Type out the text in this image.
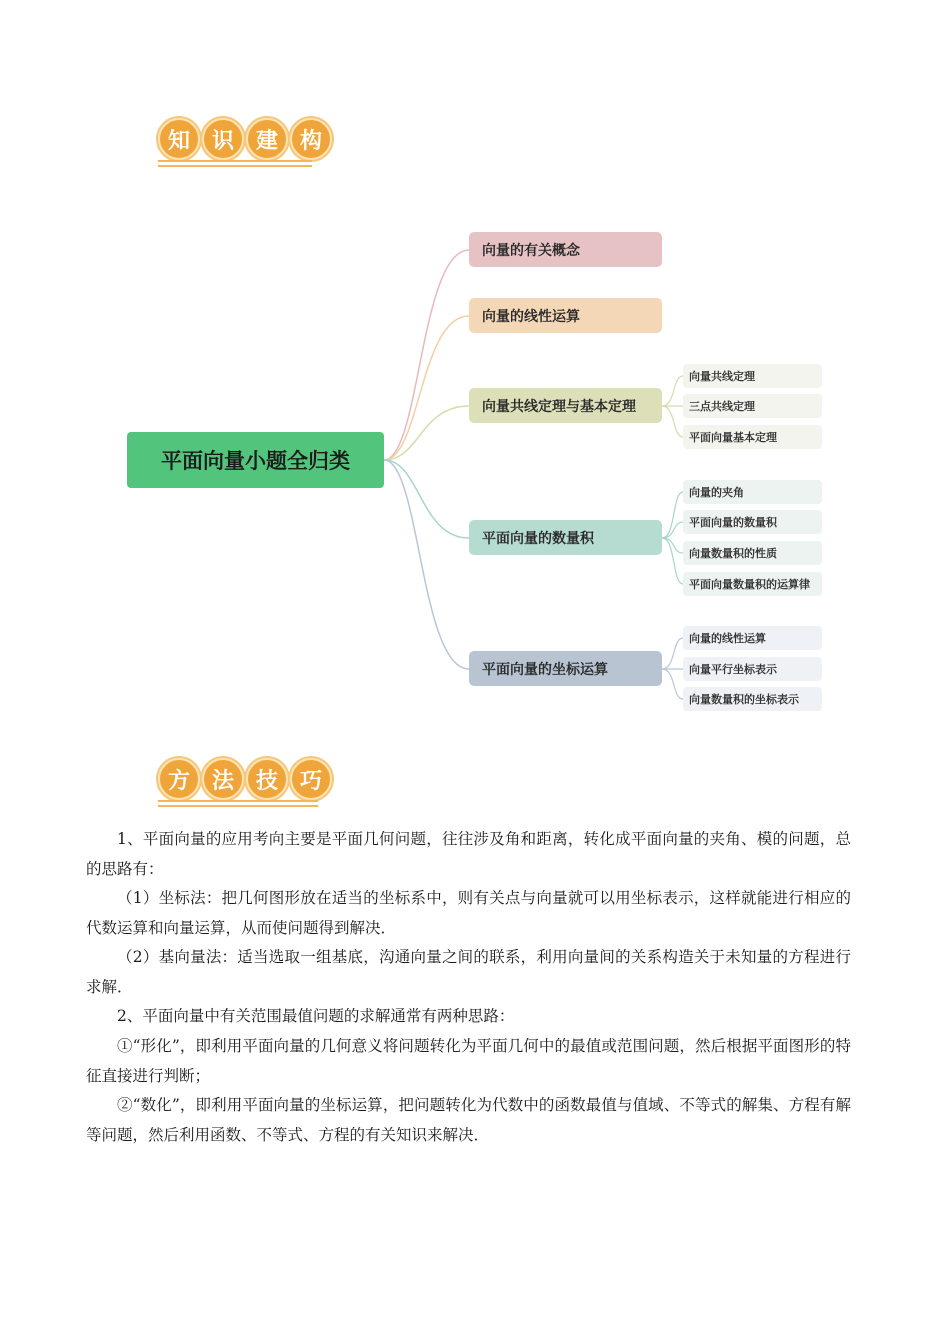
知 识 建 构
平面向量小题全归类
向量的有关概念
向量的线性运算
向量共线定理与基本定理
平面向量的数量积
平面向量的坐标运算
向量共线定理
三点共线定理
平面向量基本定理
向量的夹角
平面向量的数量积
向量数量积的性质
平面向量数量积的运算律
向量的线性运算
向量平行坐标表示
向量数量积的坐标表示
方 法 技 巧

1、平面向量的应用考向主要是平面几何问题，往往涉及角和距离，转化成平面向量的夹角、模的问题，总的思路有：

（1）坐标法：把几何图形放在适当的坐标系中，则有关点与向量就可以用坐标表示，这样就能进行相应的代数运算和向量运算，从而使问题得到解决．

（2）基向量法：适当选取一组基底，沟通向量之间的联系，利用向量间的关系构造关于未知量的方程进行求解．

2、平面向量中有关范围最值问题的求解通常有两种思路：

①“形化”，即利用平面向量的几何意义将问题转化为平面几何中的最值或范围问题，然后根据平面图形的特征直接进行判断；

②“数化”，即利用平面向量的坐标运算，把问题转化为代数中的函数最值与值域、不等式的解集、方程有解等问题，然后利用函数、不等式、方程的有关知识来解决．
